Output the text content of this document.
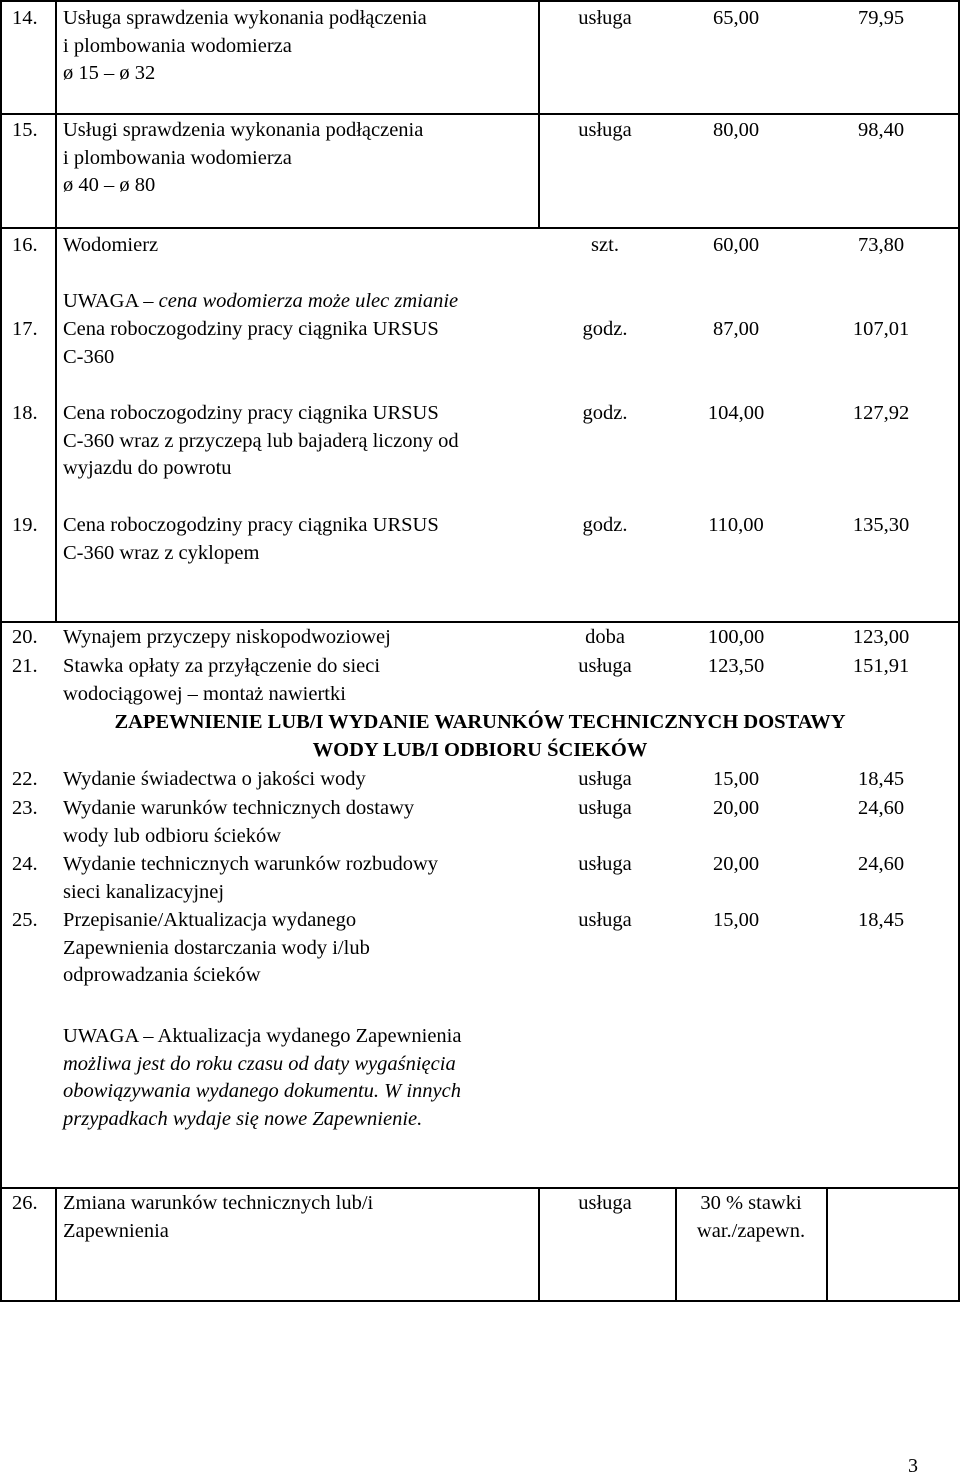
14. Usługa sprawdzenia wykonania podłączenia
i plombowania wodomierza
ø 15 – ø 32
usługa	65,00	79,95
15. Usługi sprawdzenia wykonania podłączenia
i plombowania wodomierza
ø 40 – ø 80
usługa	80,00	98,40
16. Wodomierz
UWAGA – cena wodomierza może ulec zmianie
szt.	60,00	73,80
17. Cena roboczogodziny pracy ciągnika URSUS
C-360
godz.	87,00	107,01
18. Cena roboczogodziny pracy ciągnika URSUS
C-360 wraz z przyczepą lub bajaderą liczony od
wyjazdu do powrotu
godz.	104,00	127,92
19. Cena roboczogodziny pracy ciągnika URSUS
C-360 wraz z cyklopem
godz.	110,00	135,30
20. Wynajem przyczepy niskopodwoziowej	doba	100,00	123,00
21. Stawka opłaty za przyłączenie do sieci
wodociągowej – montaż nawiertki
usługa	123,50	151,91
ZAPEWNIENIE LUB/I WYDANIE WARUNKÓW TECHNICZNYCH DOSTAWY
WODY LUB/I ODBIORU ŚCIEKÓW
22. Wydanie świadectwa o jakości wody	usługa	15,00	18,45
23. Wydanie warunków technicznych dostawy
wody lub odbioru ścieków
usługa	20,00	24,60
24. Wydanie technicznych warunków rozbudowy
sieci kanalizacyjnej
usługa	20,00	24,60
25. Przepisanie/Aktualizacja wydanego
Zapewnienia dostarczania wody i/lub
odprowadzania ścieków
UWAGA – Aktualizacja wydanego Zapewnienia
możliwa jest do roku czasu od daty wygaśnięcia
obowiązywania wydanego dokumentu. W innych
przypadkach wydaje się nowe Zapewnienie.
usługa	15,00	18,45
26. Zmiana warunków technicznych lub/i
Zapewnienia
usługa	30 % stawki
war./zapewn.
3
